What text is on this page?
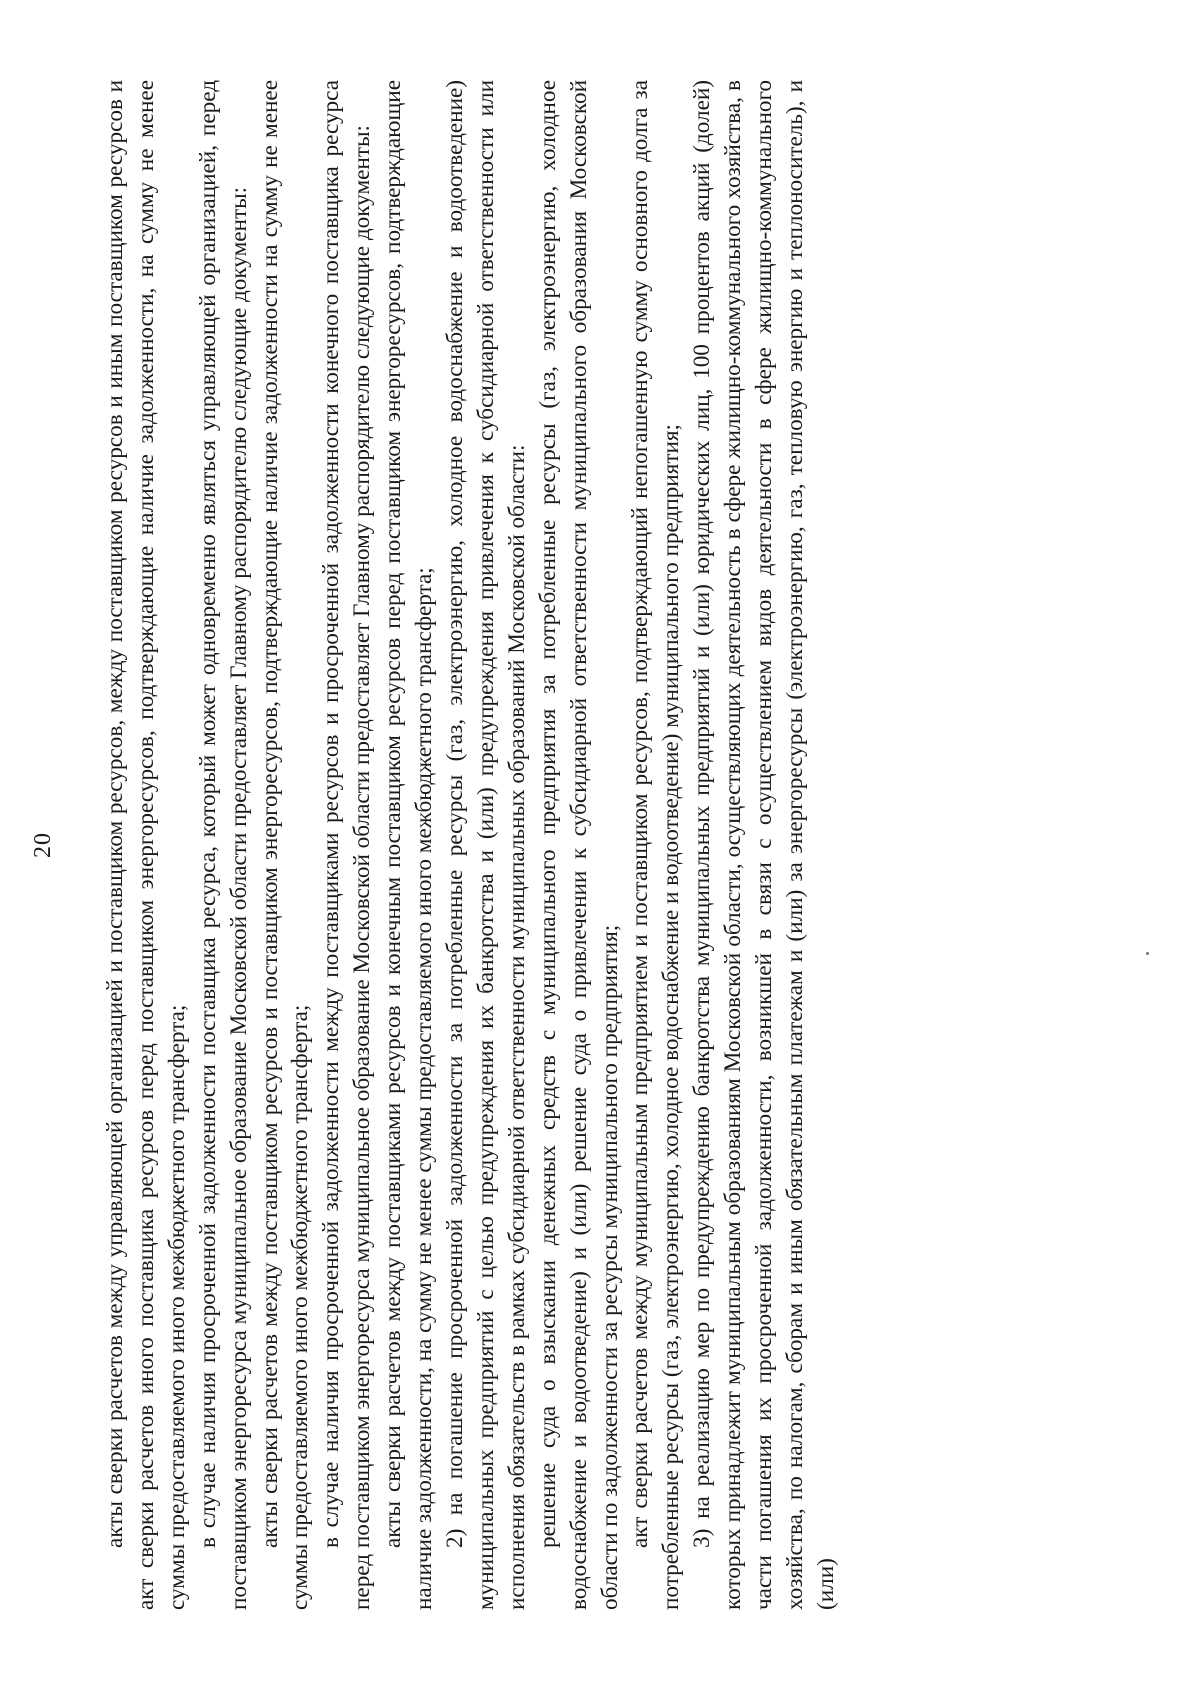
20 акты сверки расчетов между управляющей организацией и поставщиком ресурсов, между поставщиком ресурсов и иным поставщиком ресурсов и акт сверки расчетов иного поставщика ресурсов перед поставщиком энергоресурсов, подтверждающие наличие задолженности, на сумму не менее суммы предоставляемого иного межбюджетного трансферта; в случае наличия просроченной задолженности поставщика ресурса, который может одновременно являться управляющей организацией, перед поставщиком энергоресурса муниципальное образование Московской области предоставляет Главному распорядителю следующие документы: акты сверки расчетов между поставщиком ресурсов и поставщиком энергоресурсов, подтверждающие наличие задолженности на сумму не менее суммы предоставляемого иного межбюджетного трансферта; в случае наличия просроченной задолженности между поставщиками ресурсов и просроченной задолженности конечного поставщика ресурса перед поставщиком энергоресурса муниципальное образование Московской области предоставляет Главному распорядителю следующие документы: акты сверки расчетов между поставщиками ресурсов и конечным поставщиком ресурсов перед поставщиком энергоресурсов, подтверждающие наличие задолженности, на сумму не менее суммы предоставляемого иного межбюджетного трансферта; 2) на погашение просроченной задолженности за потребленные ресурсы (газ, электроэнергию, холодное водоснабжение и водоотведение) муниципальных предприятий с целью предупреждения их банкротства и (или) предупреждения привлечения к субсидиарной ответственности или исполнения обязательств в рамках субсидиарной ответственности муниципальных образований Московской области: решение суда о взыскании денежных средств с муниципального предприятия за потребленные ресурсы (газ, электроэнергию, холодное водоснабжение и водоотведение) и (или) решение суда о привлечении к субсидиарной ответственности муниципального образования Московской области по задолженности за ресурсы муниципального предприятия; акт сверки расчетов между муниципальным предприятием и поставщиком ресурсов, подтверждающий непогашенную сумму основного долга за потребленные ресурсы (газ, электроэнергию, холодное водоснабжение и водоотведение) муниципального предприятия; 3) на реализацию мер по предупреждению банкротства муниципальных предприятий и (или) юридических лиц, 100 процентов акций (долей) которых принадлежит муниципальным образованиям Московской области, осуществляющих деятельность в сфере жилищно-коммунального хозяйства, в части погашения их просроченной задолженности, возникшей в связи с осуществлением видов деятельности в сфере жилищно-коммунального хозяйства, по налогам, сборам и иным обязательным платежам и (или) за энергоресурсы (электроэнергию, газ, тепловую энергию и теплоноситель), и (или)
